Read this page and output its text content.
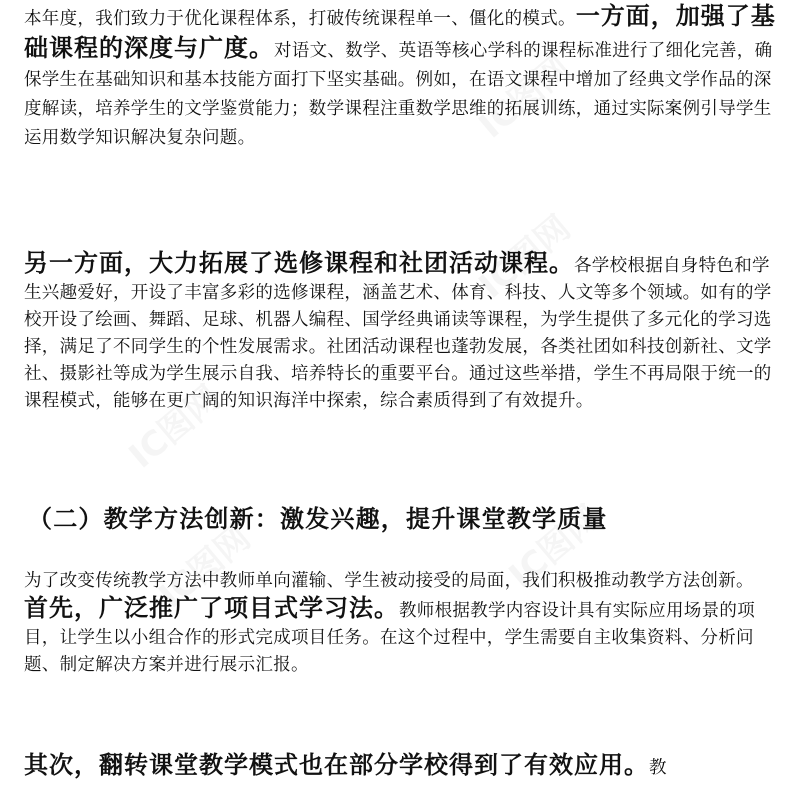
IC图网
IC图网
IC图网
IC图网
IC图网

本年度，我们致力于优化课程体系，打破传统课程单一、僵化的模式。一方面，加强了基础课程的深度与广度。对语文、数学、英语等核心学科的课程标准进行了细化完善，确保学生在基础知识和基本技能方面打下坚实基础。例如，在语文课程中增加了经典文学作品的深度解读，培养学生的文学鉴赏能力；数学课程注重数学思维的拓展训练，通过实际案例引导学生运用数学知识解决复杂问题。

另一方面，大力拓展了选修课程和社团活动课程。各学校根据自身特色和学生兴趣爱好，开设了丰富多彩的选修课程，涵盖艺术、体育、科技、人文等多个领域。如有的学校开设了绘画、舞蹈、足球、机器人编程、国学经典诵读等课程，为学生提供了多元化的学习选择，满足了不同学生的个性发展需求。社团活动课程也蓬勃发展，各类社团如科技创新社、文学社、摄影社等成为学生展示自我、培养特长的重要平台。通过这些举措，学生不再局限于统一的课程模式，能够在更广阔的知识海洋中探索，综合素质得到了有效提升。

（二）教学方法创新：激发兴趣，提升课堂教学质量

为了改变传统教学方法中教师单向灌输、学生被动接受的局面，我们积极推动教学方法创新。首先，广泛推广了项目式学习法。教师根据教学内容设计具有实际应用场景的项目，让学生以小组合作的形式完成项目任务。在这个过程中，学生需要自主收集资料、分析问题、制定解决方案并进行展示汇报。

其次，翻转课堂教学模式也在部分学校得到了有效应用。教
